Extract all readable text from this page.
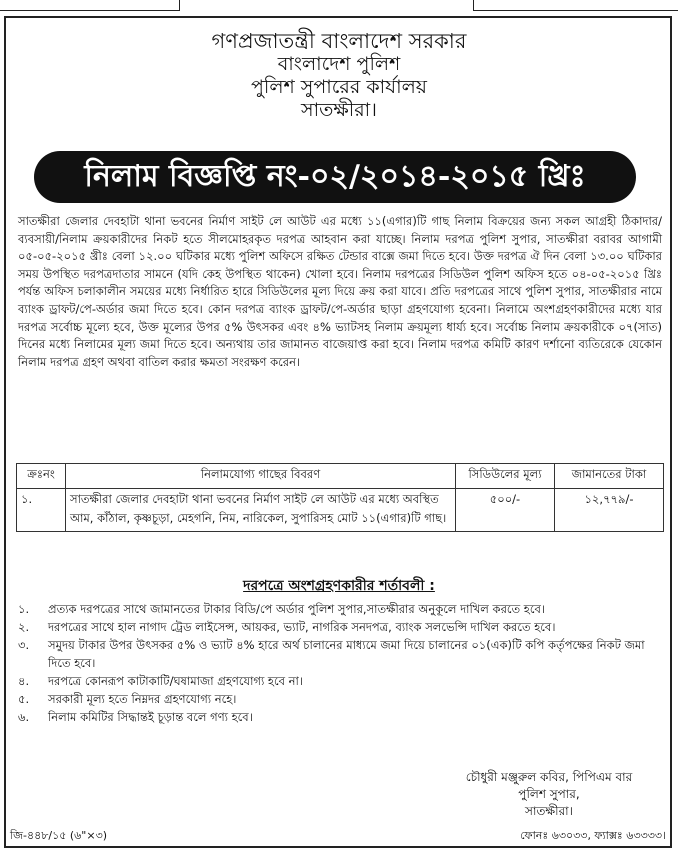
গণপ্রজাতন্ত্রী বাংলাদেশ সরকার
বাংলাদেশ পুলিশ
পুলিশ সুপারের কার্যালয়
সাতক্ষীরা।
নিলাম বিজ্ঞপ্তি নং-০২/২০১৪-২০১৫ খ্রিঃ
সাতক্ষীরা জেলার দেবহাটা থানা ভবনের নির্মাণ সাইট লে আউট এর মধ্যে ১১(এগার)টি গাছ নিলাম বিক্রয়ের জন্য সকল আগ্রহী ঠিকাদার/ব্যবসায়ী/নিলাম ক্রয়কারীদের নিকট হতে সীলমোহরকৃত দরপত্র আহবান করা যাচ্ছে। নিলাম দরপত্র পুলিশ সুপার, সাতক্ষীরা বরাবর আগামী ০৫-০৫-২০১৫ খ্রীঃ বেলা ১২.০০ ঘটিকার মধ্যে পুলিশ অফিসে রক্ষিত টেন্ডার বাক্সে জমা দিতে হবে। উক্ত দরপত্র ঐ দিন বেলা ১৩.০০ ঘটিকার সময় উপস্থিত দরপত্রদাতার সামনে (যদি কেহ উপস্থিত থাকেন) খোলা হবে। নিলাম দরপত্রের সিডিউল পুলিশ অফিস হতে ০৪-০৫-২০১৫ খ্রিঃ পর্যন্ত অফিস চলাকালীন সময়ের মধ্যে নির্ধারিত হারে সিডিউলের মূল্য দিয়ে ক্রয় করা যাবে। প্রতি দরপত্রের সাথে পুলিশ সুপার, সাতক্ষীরার নামে ব্যাংক ড্রাফট/পে-অর্ডার জমা দিতে হবে। কোন দরপত্র ব্যাংক ড্রাফট/পে-অর্ডার ছাড়া গ্রহণযোগ্য হবেনা। নিলামে অংশগ্রহণকারীদের মধ্যে যার দরপত্র সর্বোচ্চ মূল্যে হবে, উক্ত মূল্যের উপর ৫% উৎসকর এবং ৪% ভ্যাটসহ নিলাম ক্রয়মূল্য ধার্য্য হবে। সর্বোচ্চ নিলাম ক্রয়কারীকে ০৭(সাত) দিনের মধ্যে নিলামের মূল্য জমা দিতে হবে। অন্যথায় তার জামানত বাজেয়াপ্ত করা হবে। নিলাম দরপত্র কমিটি কারণ দর্শানো ব্যতিরেকে যেকোন নিলাম দরপত্র গ্রহণ অথবা বাতিল করার ক্ষমতা সংরক্ষণ করেন।
ক্রঃনং	নিলামযোগ্য গাছের বিবরণ	সিডিউলের মূল্য	জামানতের টাকা
১.	সাতক্ষীরা জেলার দেবহাটা থানা ভবনের নির্মাণ সাইট লে আউট এর মধ্যে অবস্থিত আম, কাঁঠাল, কৃষ্ণচূড়া, মেহগনি, নিম, নারিকেল, সুপারিসহ মোট ১১(এগার)টি গাছ।	৫০০/-	১২,৭৭৯/-
দরপত্রে অংশগ্রহণকারীর শর্তাবলী :
১.	প্রত্যক দরপত্রের সাথে জামানতের টাকার বিডি/পে অর্ডার পুলিশ সুপার,সাতক্ষীরার অনুকূলে দাখিল করতে হবে।
২.	দরপত্রের সাথে হাল নাগাদ ট্রেড লাইসেন্স, আয়কর, ভ্যাট, নাগরিক সনদপত্র, ব্যাংক সলভেন্সি দাখিল করতে হবে।
৩.	সমুদয় টাকার উপর উৎসকর ৫% ও ভ্যাট ৪% হারে অর্থ চালানের মাধ্যমে জমা দিয়ে চালানের ০১(এক)টি কপি কর্তৃপক্ষের নিকট জমা দিতে হবে।
৪.	দরপত্রে কোনরূপ কাটাকাটি/ঘষামাজা গ্রহণযোগ্য হবে না।
৫.	সরকারী মূল্য হতে নিম্নদর গ্রহণযোগ্য নহে।
৬.	নিলাম কমিটির সিদ্ধান্তই চূড়ান্ত বলে গণ্য হবে।
চৌধুরী মঞ্জুরুল কবির, পিপিএম বার
পুলিশ সুপার,
সাতক্ষীরা।
জি-৪৪৮/১৫ (৬"×৩)	ফোনঃ ৬৩০৩৩, ফ্যাক্সঃ ৬৩৩৩৩।
